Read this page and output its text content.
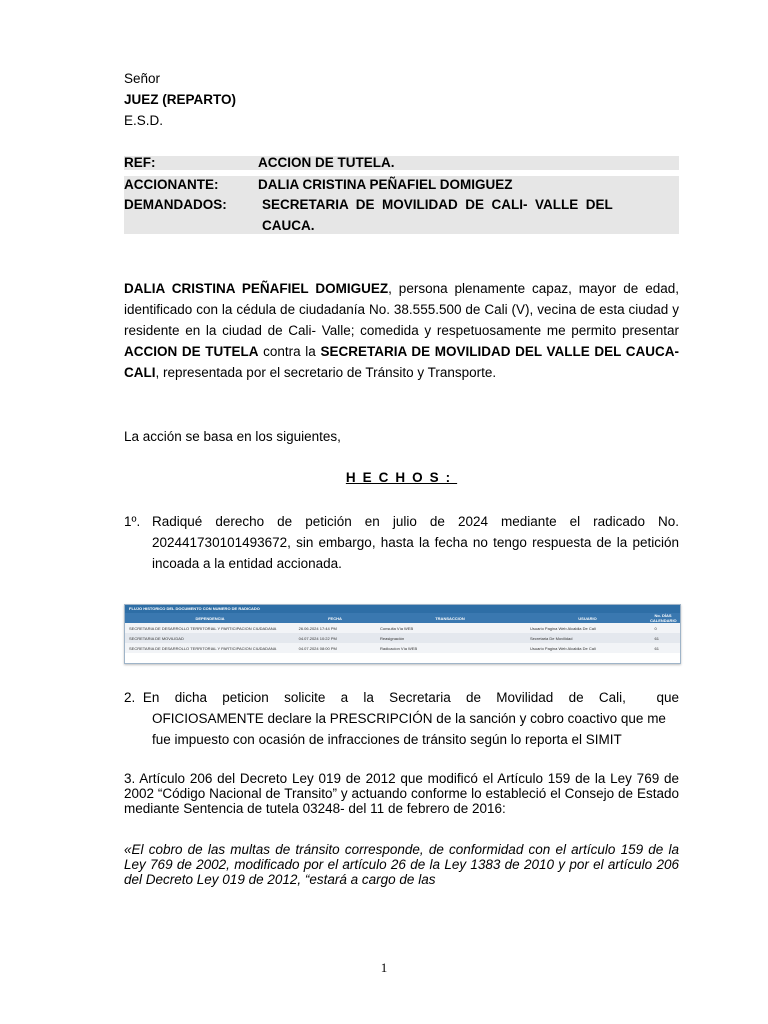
Señor
JUEZ (REPARTO)
E.S.D.
REF:	ACCION DE TUTELA.
ACCIONANTE:	DALIA CRISTINA PEÑAFIEL DOMIGUEZ
DEMANDADOS:	SECRETARIA  DE  MOVILIDAD  DE  CALI-  VALLE  DEL
CAUCA.
DALIA CRISTINA PEÑAFIEL DOMIGUEZ, persona plenamente capaz, mayor de edad, identificado con la cédula de ciudadanía No. 38.555.500 de Cali (V), vecina de esta ciudad y residente en la ciudad de Cali- Valle; comedida y respetuosamente me permito presentar ACCION DE TUTELA contra la SECRETARIA DE MOVILIDAD DEL VALLE DEL CAUCA- CALI, representada por el secretario de Tránsito y Transporte.
La acción se basa en los siguientes,
HECHOS:
1º. Radiqué derecho de petición en julio de 2024 mediante el radicado No. 202441730101493672, sin embargo, hasta la fecha no tengo respuesta de la petición incoada a la entidad accionada.
FLUJO HISTORICO DEL DOCUMENTO CON NUMERO DE RADICADO
DEPENDENCIA	FECHA	TRANSACCION	USUARIO	No. DÍAS CALENDARIO
SECRETARIA DE DESARROLLO TERRITORIAL Y PARTICIPACION CIUDADANA	26.06.2024 17:44 PM	Consulta Vía WEB	Usuario Pagina Web Alcaldia De Cali	0
SECRETARIA DE MOVILIDAD	04.07.2024 10:22 PM	Reasignación	Secretaria De Movilidad	61
SECRETARIA DE DESARROLLO TERRITORIAL Y PARTICIPACION CIUDADANA	04.07.2024 08:00 PM	Radicacion Vía WEB	Usuario Pagina Web Alcaldia De Cali	61
2. En  dicha  peticion  solicite  a  la  Secretaria  de  Movilidad  de  Cali,    que
OFICIOSAMENTE declare la PRESCRIPCIÓN de la sanción y cobro coactivo que me fue impuesto con ocasión de infracciones de tránsito según lo reporta el SIMIT
3. Artículo 206 del Decreto Ley 019 de 2012 que modificó el Artículo 159 de la Ley 769 de 2002 “Código Nacional de Transito” y actuando conforme lo estableció el Consejo de Estado mediante Sentencia de tutela 03248- del 11 de febrero de 2016:
«El cobro de las multas de tránsito corresponde, de conformidad con el artículo 159 de la Ley 769 de 2002, modificado por el artículo 26 de la Ley 1383 de 2010 y por el artículo 206 del Decreto Ley 019 de 2012, “estará a cargo de las
1
